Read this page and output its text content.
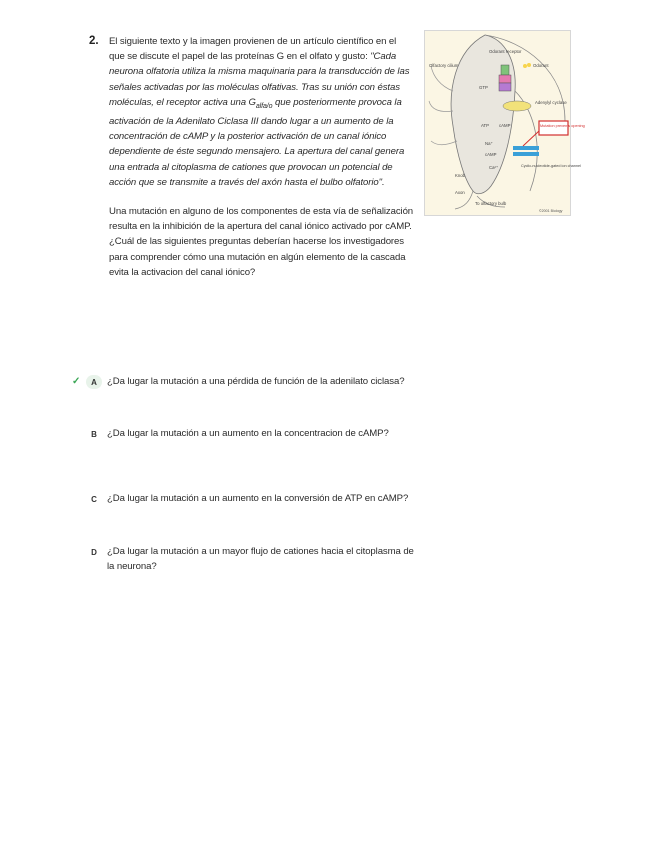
2. El siguiente texto y la imagen provienen de un artículo científico en el que se discute el papel de las proteínas G en el olfato y gusto: "Cada neurona olfatoria utiliza la misma maquinaria para la transducción de las señales activadas por las moléculas olfativas. Tras su unión con éstas moléculas, el receptor activa una $G_{alfa/o}$ que posteriormente provoca la activación de la Adenilato Ciclasa III dando lugar a un aumento de la concentración de cAMP y la posterior activación de un canal iónico dependiente de éste segundo mensajero. La apertura del canal genera una entrada al citoplasma de cationes que provocan un potencial de acción que se transmite a través del axón hasta el bulbo olfatorio".

Una mutación en alguno de los componentes de esta vía de señalización resulta en la inhibición de la apertura del canal iónico activado por cAMP.

¿Cuál de las siguientes preguntas deberían hacerse los investigadores para comprender cómo una mutación en algún elemento de la cascada evita la activacion del canal iónico?

Olfactory cilium
Odorant receptor
Odorant
Adenylyl cyclase
GTP
ATP cAMP
cAMP
Na⁺
Ca²⁺
Mutation prevents opening
Cyclic-nucleotide-gated ion channel
Knob
Axon
To olfactory bulb
©2001 Biology
✓	A	¿Da lugar la mutación a una pérdida de función de la adenilato ciclasa?
B	¿Da lugar la mutación a un aumento en la concentracion de cAMP?
C	¿Da lugar la mutación a un aumento en la conversión de ATP en cAMP?
D	¿Da lugar la mutación a un mayor flujo de cationes hacia el citoplasma de la neurona?
